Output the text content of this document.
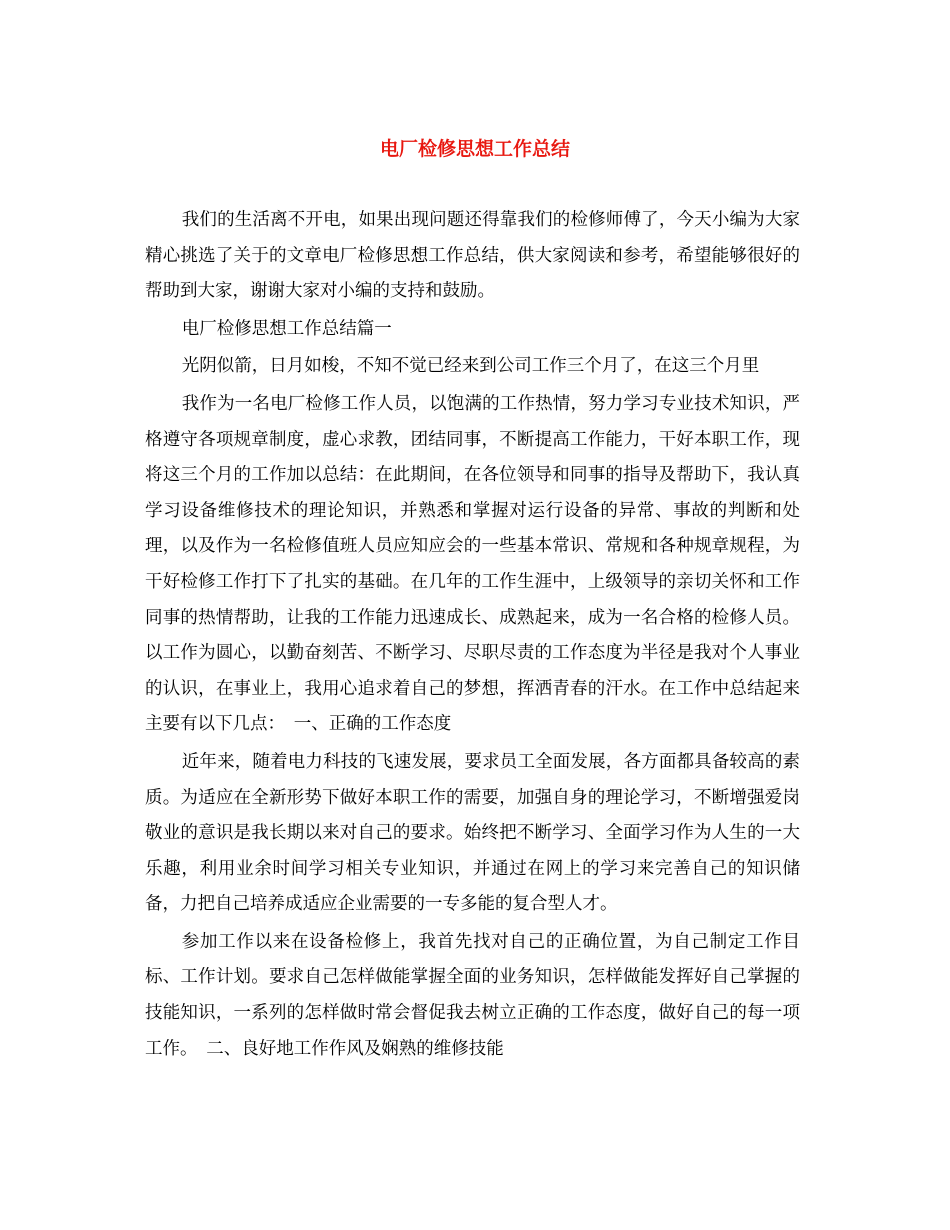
电厂检修思想工作总结

我们的生活离不开电，如果出现问题还得靠我们的检修师傅了，今天小编为大家精心挑选了关于的文章电厂检修思想工作总结，供大家阅读和参考，希望能够很好的帮助到大家，谢谢大家对小编的支持和鼓励。

电厂检修思想工作总结篇一

光阴似箭，日月如梭，不知不觉已经来到公司工作三个月了，在这三个月里

我作为一名电厂检修工作人员，以饱满的工作热情，努力学习专业技术知识，严格遵守各项规章制度，虚心求教，团结同事，不断提高工作能力，干好本职工作，现将这三个月的工作加以总结：在此期间，在各位领导和同事的指导及帮助下，我认真学习设备维修技术的理论知识，并熟悉和掌握对运行设备的异常、事故的判断和处理，以及作为一名检修值班人员应知应会的一些基本常识、常规和各种规章规程，为干好检修工作打下了扎实的基础。在几年的工作生涯中，上级领导的亲切关怀和工作同事的热情帮助，让我的工作能力迅速成长、成熟起来，成为一名合格的检修人员。以工作为圆心，以勤奋刻苦、不断学习、尽职尽责的工作态度为半径是我对个人事业的认识，在事业上，我用心追求着自己的梦想，挥洒青春的汗水。在工作中总结起来主要有以下几点：　一、正确的工作态度

近年来，随着电力科技的飞速发展，要求员工全面发展，各方面都具备较高的素质。为适应在全新形势下做好本职工作的需要，加强自身的理论学习，不断增强爱岗敬业的意识是我长期以来对自己的要求。始终把不断学习、全面学习作为人生的一大乐趣，利用业余时间学习相关专业知识，并通过在网上的学习来完善自己的知识储备，力把自己培养成适应企业需要的一专多能的复合型人才。

参加工作以来在设备检修上，我首先找对自己的正确位置，为自己制定工作目标、工作计划。要求自己怎样做能掌握全面的业务知识，怎样做能发挥好自己掌握的技能知识，一系列的怎样做时常会督促我去树立正确的工作态度，做好自己的每一项工作。　二、良好地工作作风及娴熟的维修技能
